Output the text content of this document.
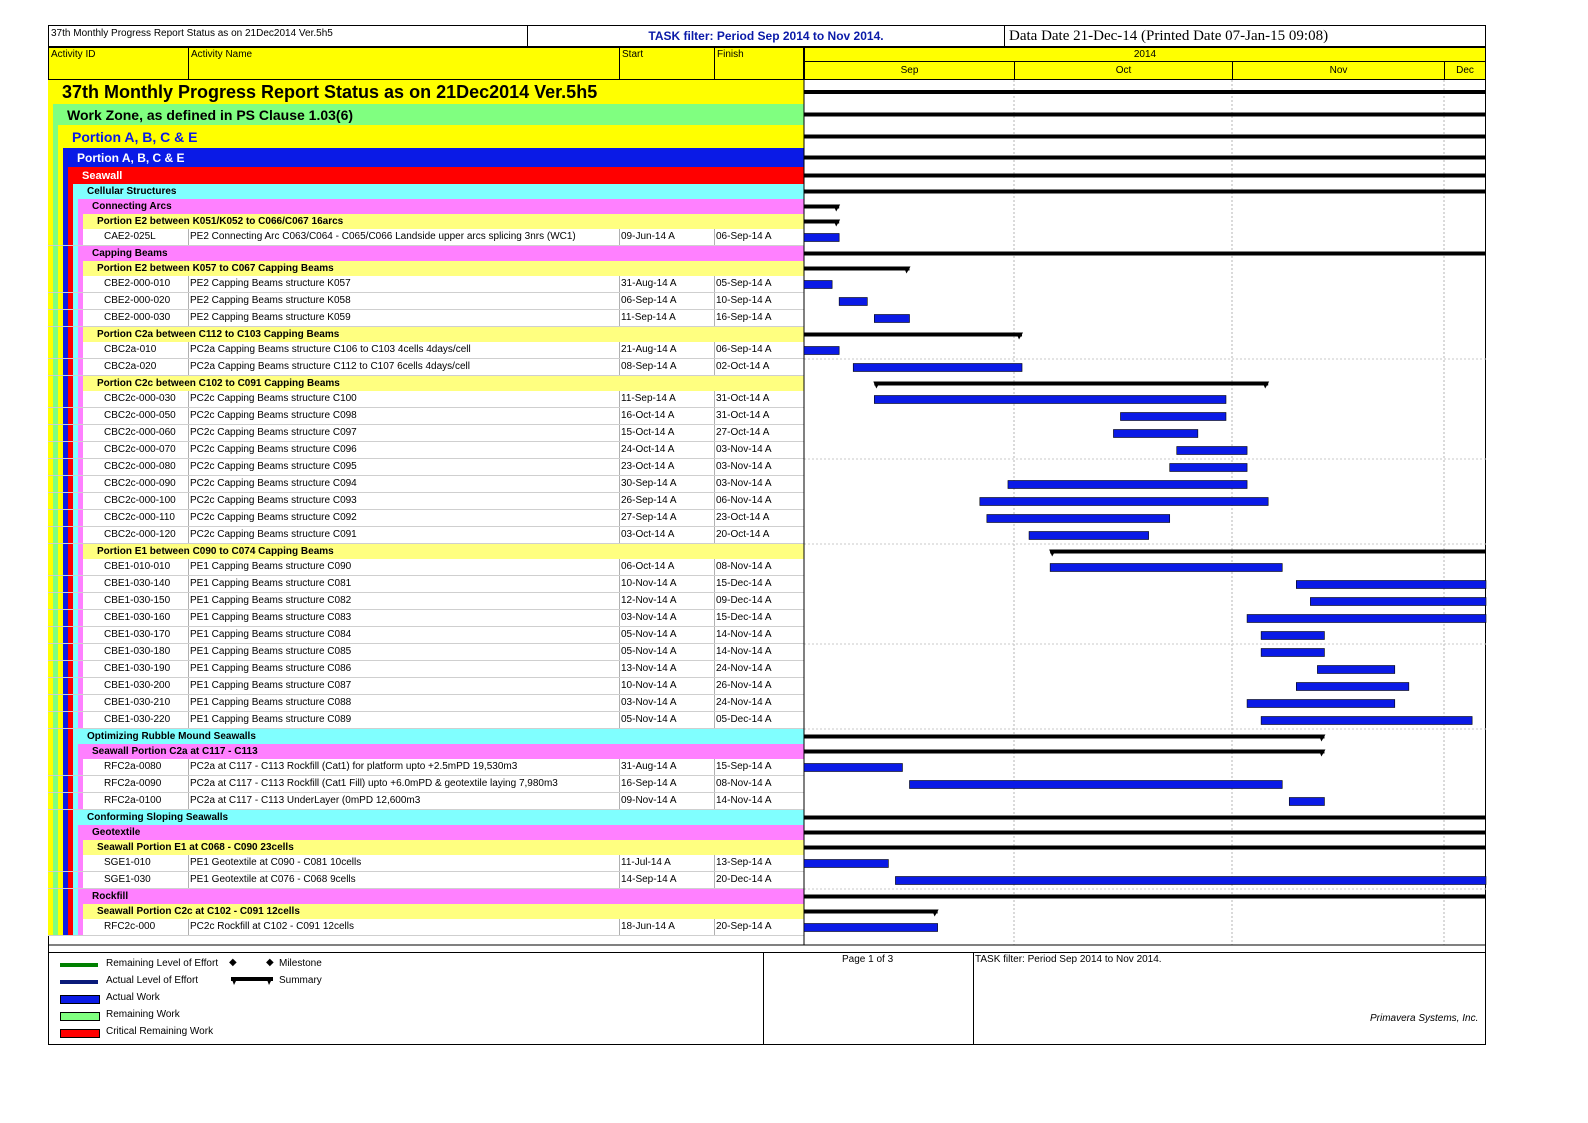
37th Monthly Progress Report Status as on 21Dec2014 Ver.5h5	TASK filter: Period Sep 2014 to Nov 2014.	Data Date 21-Dec-14 (Printed Date 07-Jan-15 09:08)
Activity ID	Activity Name	Start	Finish	2014
Sep	Oct	Nov	Dec
37th Monthly Progress Report Status as on 21Dec2014 Ver.5h5
Work Zone, as defined in PS Clause 1.03(6)
Portion A, B, C & E
Portion A, B, C & E
Seawall
Cellular Structures
Connecting Arcs
Portion E2 between K051/K052 to C066/C067 16arcs
CAE2-025L	PE2 Connecting Arc C063/C064 - C065/C066 Landside upper arcs splicing 3nrs (WC1)	09-Jun-14 A	06-Sep-14 A
Capping Beams
Portion E2 between K057 to C067 Capping Beams
CBE2-000-010	PE2 Capping Beams structure K057	31-Aug-14 A	05-Sep-14 A
CBE2-000-020	PE2 Capping Beams structure K058	06-Sep-14 A	10-Sep-14 A
CBE2-000-030	PE2 Capping Beams structure K059	11-Sep-14 A	16-Sep-14 A
Portion C2a between C112 to C103 Capping Beams
CBC2a-010	PC2a Capping Beams structure C106 to C103 4cells 4days/cell	21-Aug-14 A	06-Sep-14 A
CBC2a-020	PC2a Capping Beams structure C112 to C107 6cells 4days/cell	08-Sep-14 A	02-Oct-14 A
Portion C2c between C102 to C091 Capping Beams
CBC2c-000-030	PC2c Capping Beams structure C100	11-Sep-14 A	31-Oct-14 A
CBC2c-000-050	PC2c Capping Beams structure C098	16-Oct-14 A	31-Oct-14 A
CBC2c-000-060	PC2c Capping Beams structure C097	15-Oct-14 A	27-Oct-14 A
CBC2c-000-070	PC2c Capping Beams structure C096	24-Oct-14 A	03-Nov-14 A
CBC2c-000-080	PC2c Capping Beams structure C095	23-Oct-14 A	03-Nov-14 A
CBC2c-000-090	PC2c Capping Beams structure C094	30-Sep-14 A	03-Nov-14 A
CBC2c-000-100	PC2c Capping Beams structure C093	26-Sep-14 A	06-Nov-14 A
CBC2c-000-110	PC2c Capping Beams structure C092	27-Sep-14 A	23-Oct-14 A
CBC2c-000-120	PC2c Capping Beams structure C091	03-Oct-14 A	20-Oct-14 A
Portion E1 between C090 to C074 Capping Beams
CBE1-010-010	PE1 Capping Beams structure C090	06-Oct-14 A	08-Nov-14 A
CBE1-030-140	PE1 Capping Beams structure C081	10-Nov-14 A	15-Dec-14 A
CBE1-030-150	PE1 Capping Beams structure C082	12-Nov-14 A	09-Dec-14 A
CBE1-030-160	PE1 Capping Beams structure C083	03-Nov-14 A	15-Dec-14 A
CBE1-030-170	PE1 Capping Beams structure C084	05-Nov-14 A	14-Nov-14 A
CBE1-030-180	PE1 Capping Beams structure C085	05-Nov-14 A	14-Nov-14 A
CBE1-030-190	PE1 Capping Beams structure C086	13-Nov-14 A	24-Nov-14 A
CBE1-030-200	PE1 Capping Beams structure C087	10-Nov-14 A	26-Nov-14 A
CBE1-030-210	PE1 Capping Beams structure C088	03-Nov-14 A	24-Nov-14 A
CBE1-030-220	PE1 Capping Beams structure C089	05-Nov-14 A	05-Dec-14 A
Optimizing Rubble Mound Seawalls
Seawall Portion C2a at C117 - C113
RFC2a-0080	PC2a at C117 - C113 Rockfill (Cat1) for platform upto +2.5mPD 19,530m3	31-Aug-14 A	15-Sep-14 A
RFC2a-0090	PC2a at C117 - C113 Rockfill (Cat1 Fill) upto +6.0mPD & geotextile laying 7,980m3	16-Sep-14 A	08-Nov-14 A
RFC2a-0100	PC2a at C117 - C113 UnderLayer (0mPD 12,600m3	09-Nov-14 A	14-Nov-14 A
Conforming Sloping Seawalls
Geotextile
Seawall Portion E1 at C068 - C090 23cells
SGE1-010	PE1 Geotextile at C090 - C081 10cells	11-Jul-14 A	13-Sep-14 A
SGE1-030	PE1 Geotextile at C076 - C068 9cells	14-Sep-14 A	20-Dec-14 A
Rockfill
Seawall Portion C2c at C102 - C091 12cells
RFC2c-000	PC2c Rockfill at C102 - C091 12cells	18-Jun-14 A	20-Sep-14 A
Remaining Level of Effort ◆
Actual Level of Effort
Actual Work
Remaining Work
Critical Remaining Work
◆ Milestone
Summary
Page 1 of 3	TASK filter: Period Sep 2014 to Nov 2014.
Primavera Systems, Inc.
